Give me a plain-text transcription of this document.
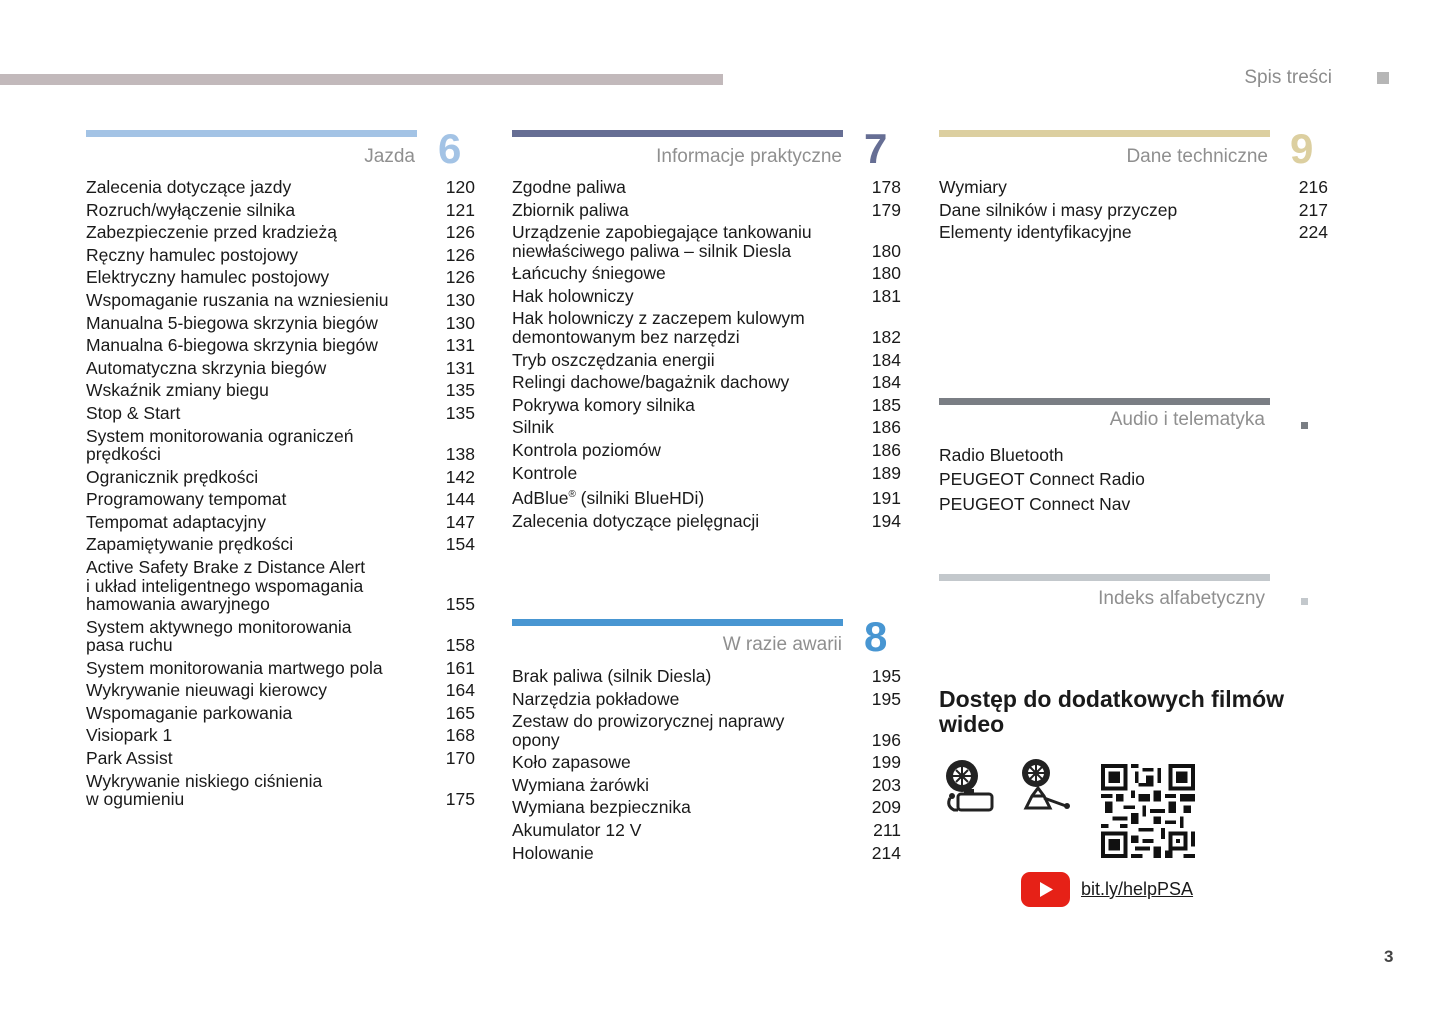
Spis treści
Jazda 6
Zalecenia dotyczące jazdy	120
Rozruch/wyłączenie silnika	121
Zabezpieczenie przed kradzieżą	126
Ręczny hamulec postojowy	126
Elektryczny hamulec postojowy	126
Wspomaganie ruszania na wzniesieniu	130
Manualna 5-biegowa skrzynia biegów	130
Manualna 6-biegowa skrzynia biegów	131
Automatyczna skrzynia biegów	131
Wskaźnik zmiany biegu	135
Stop & Start	135
System monitorowania ograniczeń
prędkości	138
Ogranicznik prędkości	142
Programowany tempomat	144
Tempomat adaptacyjny	147
Zapamiętywanie prędkości	154
Active Safety Brake z Distance Alert
i układ inteligentnego wspomagania
hamowania awaryjnego	155
System aktywnego monitorowania
pasa ruchu	158
System monitorowania martwego pola	161
Wykrywanie nieuwagi kierowcy	164
Wspomaganie parkowania	165
Visiopark 1	168
Park Assist	170
Wykrywanie niskiego ciśnienia
w ogumieniu	175
Informacje praktyczne 7
Zgodne paliwa	178
Zbiornik paliwa	179
Urządzenie zapobiegające tankowaniu
niewłaściwego paliwa – silnik Diesla	180
Łańcuchy śniegowe	180
Hak holowniczy	181
Hak holowniczy z zaczepem kulowym
demontowanym bez narzędzi	182
Tryb oszczędzania energii	184
Relingi dachowe/bagażnik dachowy	184
Pokrywa komory silnika	185
Silnik	186
Kontrola poziomów	186
Kontrole	189
AdBlue® (silniki BlueHDi)	191
Zalecenia dotyczące pielęgnacji	194
W razie awarii 8
Brak paliwa (silnik Diesla)	195
Narzędzia pokładowe	195
Zestaw do prowizorycznej naprawy
opony	196
Koło zapasowe	199
Wymiana żarówki	203
Wymiana bezpiecznika	209
Akumulator 12 V	211
Holowanie	214
Dane techniczne 9
Wymiary	216
Dane silników i masy przyczep	217
Elementy identyfikacyjne	224
Audio i telematyka
Radio Bluetooth
PEUGEOT Connect Radio
PEUGEOT Connect Nav
Indeks alfabetyczny
Dostęp do dodatkowych filmów wideo
bit.ly/helpPSA
3
